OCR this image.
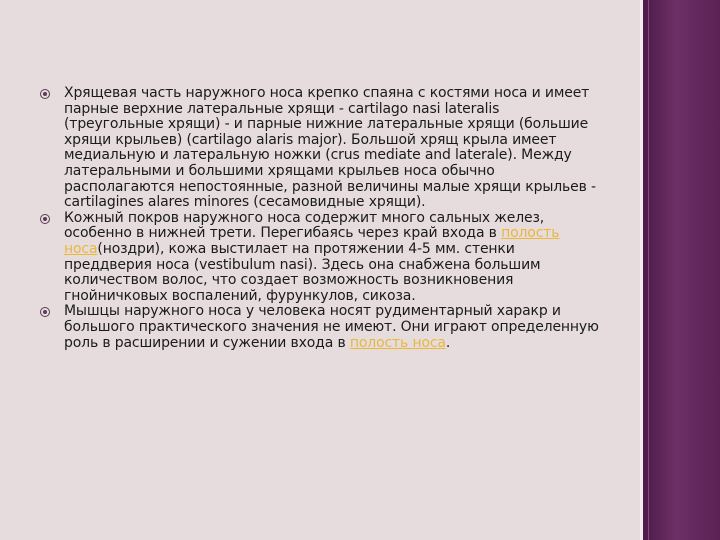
Хрящевая часть наружного носа крепко спаяна с костями носа и имеет парные верхние латеральные хрящи - cartilago nasi lateralis (треугольные хрящи) - и парные нижние латеральные хрящи (большие хрящи крыльев) (cartilago alaris major). Большой хрящ крыла имеет медиальную и латеральную ножки (crus mediate and laterale). Между латеральными и большими хрящами крыльев носа обычно располагаются непостоянные, разной величины малые хрящи крыльев - cartilagines alares minores (сесамовидные хрящи).
Кожный покров наружного носа содержит много сальных желез, особенно в нижней трети. Перегибаясь через край входа в полость носа(ноздри), кожа выстилает на протяжении 4-5 мм. стенки преддверия носа (vestibulum nasi). Здесь она снабжена большим количеством волос, что создает возможность возникновения гнойничковых воспалений, фурункулов, сикоза.
Мышцы наружного носа у человека носят рудиментарный харакр и большого практического значения не имеют. Они играют определенную роль в расширении и сужении входа в полость носа.
